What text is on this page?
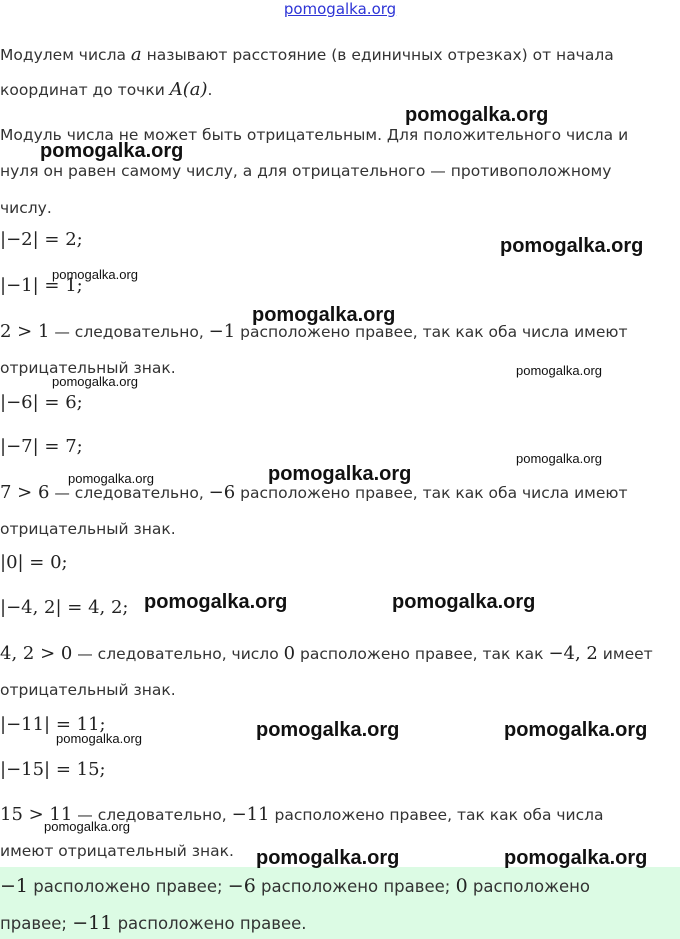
pomogalka.org
Модулем числа a называют расстояние (в единичных отрезках) от начала
координат до точки A(a).
Модуль числа не может быть отрицательным. Для положительного числа и
нуля он равен самому числу, а для отрицательного — противоположному
числу.
|−2| = 2;
|−1| = 1;
2 > 1 — следовательно, −1 расположено правее, так как оба числа имеют
отрицательный знак.
|−6| = 6;
|−7| = 7;
7 > 6 — следовательно, −6 расположено правее, так как оба числа имеют
отрицательный знак.
|0| = 0;
|−4, 2| = 4, 2;
4, 2 > 0 — следовательно, число 0 расположено правее, так как −4, 2 имеет
отрицательный знак.
|−11| = 11;
|−15| = 15;
15 > 11 — следовательно, −11 расположено правее, так как оба числа
имеют отрицательный знак.
−1 расположено правее; −6 расположено правее; 0 расположено
правее; −11 расположено правее.
pomogalka.org
pomogalka.org
pomogalka.org
pomogalka.org
pomogalka.org
pomogalka.org
pomogalka.org
pomogalka.org
pomogalka.org
pomogalka.org
pomogalka.org	pomogalka.org
pomogalka.org	pomogalka.org
pomogalka.org
pomogalka.org
pomogalka.org	pomogalka.org
